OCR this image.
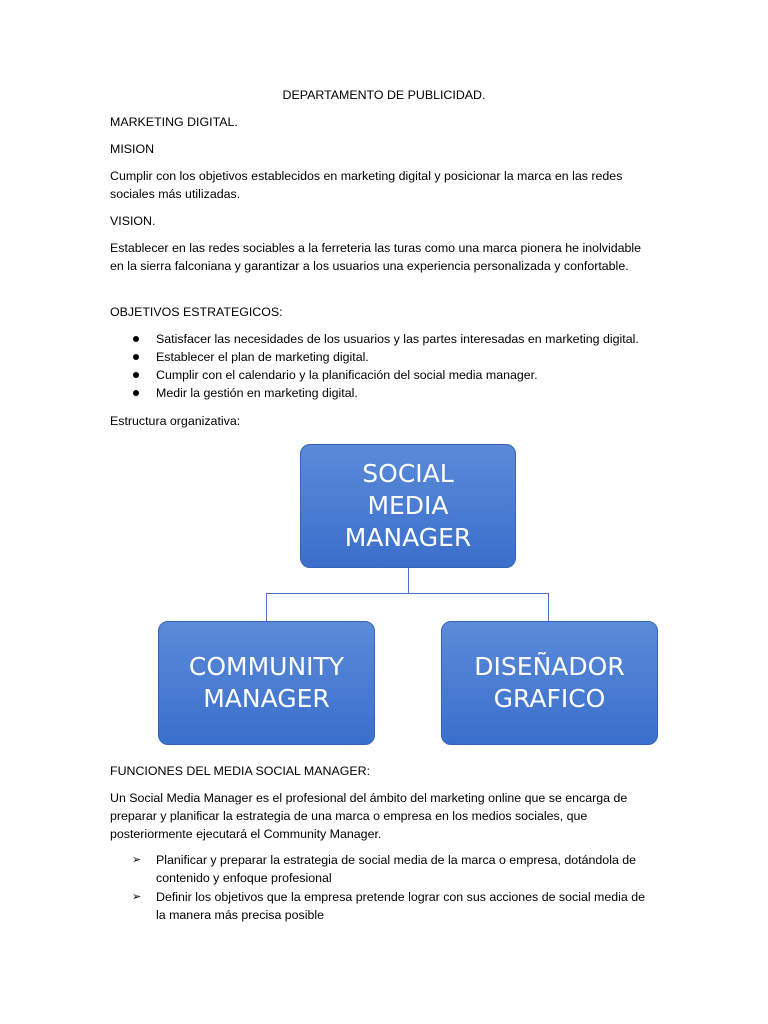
DEPARTAMENTO DE PUBLICIDAD.
MARKETING DIGITAL.
MISION
Cumplir con los objetivos establecidos en marketing digital y posicionar la marca en las redes sociales más utilizadas.
VISION.
Establecer en las redes sociables a la ferreteria las turas como una marca pionera he inolvidable en la sierra falconiana y garantizar a los usuarios una experiencia personalizada y confortable.
OBJETIVOS ESTRATEGICOS:
Satisfacer las necesidades de los usuarios y las partes interesadas en marketing digital.
Establecer el plan de marketing digital.
Cumplir con el calendario y la planificación del social media manager.
Medir la gestión en marketing digital.
Estructura organizativa:
SOCIAL
MEDIA
MANAGER
COMMUNITY
MANAGER
DISEÑADOR
GRAFICO
FUNCIONES DEL MEDIA SOCIAL MANAGER:
Un Social Media Manager es el profesional del ámbito del marketing online que se encarga de preparar y planificar la estrategia de una marca o empresa en los medios sociales, que posteriormente ejecutará el Community Manager.
➢ Planificar y preparar la estrategia de social media de la marca o empresa, dotándola de contenido y enfoque profesional
➢ Definir los objetivos que la empresa pretende lograr con sus acciones de social media de la manera más precisa posible
